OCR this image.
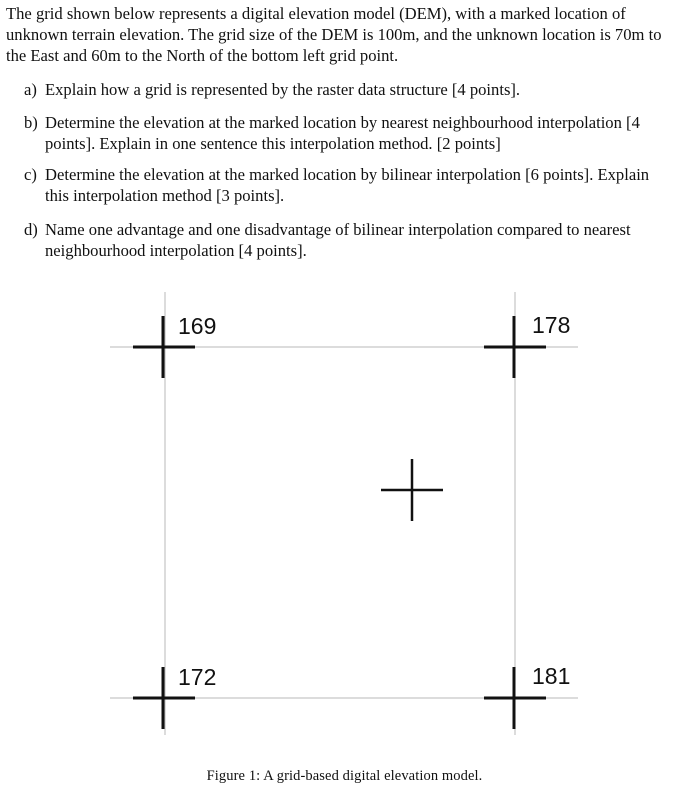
The grid shown below represents a digital elevation model (DEM), with a marked location of unknown terrain elevation. The grid size of the DEM is 100m, and the unknown location is 70m to the East and 60m to the North of the bottom left grid point.

a) Explain how a grid is represented by the raster data structure [4 points].
b) Determine the elevation at the marked location by nearest neighbourhood interpolation [4 points]. Explain in one sentence this interpolation method. [2 points]
c) Determine the elevation at the marked location by bilinear interpolation [6 points]. Explain this interpolation method [3 points].
d) Name one advantage and one disadvantage of bilinear interpolation compared to nearest neighbourhood interpolation [4 points].
169	178
172	181
Figure 1: A grid-based digital elevation model.
